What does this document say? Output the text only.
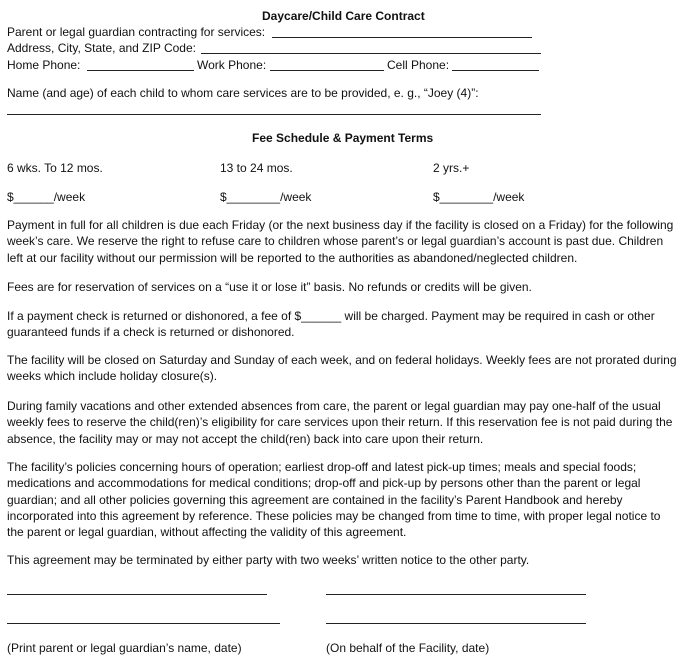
Daycare/Child Care Contract
Parent or legal guardian contracting for services:
Address, City, State, and ZIP Code:
Home Phone:	Work Phone:	Cell Phone:
Name (and age) of each child to whom care services are to be provided, e. g., “Joey (4)”:
Fee Schedule & Payment Terms
6 wks. To 12 mos.	13 to 24 mos.	2 yrs.+
$______/week	$________/week	$________/week
Payment in full for all children is due each Friday (or the next business day if the facility is closed on a Friday) for the following week’s care. We reserve the right to refuse care to children whose parent’s or legal guardian’s account is past due. Children left at our facility without our permission will be reported to the authorities as abandoned/neglected children.
Fees are for reservation of services on a “use it or lose it” basis. No refunds or credits will be given.
If a payment check is returned or dishonored, a fee of $______ will be charged. Payment may be required in cash or other guaranteed funds if a check is returned or dishonored.
The facility will be closed on Saturday and Sunday of each week, and on federal holidays. Weekly fees are not prorated during weeks which include holiday closure(s).
During family vacations and other extended absences from care, the parent or legal guardian may pay one-half of the usual weekly fees to reserve the child(ren)’s eligibility for care services upon their return. If this reservation fee is not paid during the absence, the facility may or may not accept the child(ren) back into care upon their return.
The facility’s policies concerning hours of operation; earliest drop-off and latest pick-up times; meals and special foods; medications and accommodations for medical conditions; drop-off and pick-up by persons other than the parent or legal guardian; and all other policies governing this agreement are contained in the facility’s Parent Handbook and hereby incorporated into this agreement by reference. These policies may be changed from time to time, with proper legal notice to the parent or legal guardian, without affecting the validity of this agreement.
This agreement may be terminated by either party with two weeks’ written notice to the other party.
(Print parent or legal guardian’s name, date)	(On behalf of the Facility, date)
